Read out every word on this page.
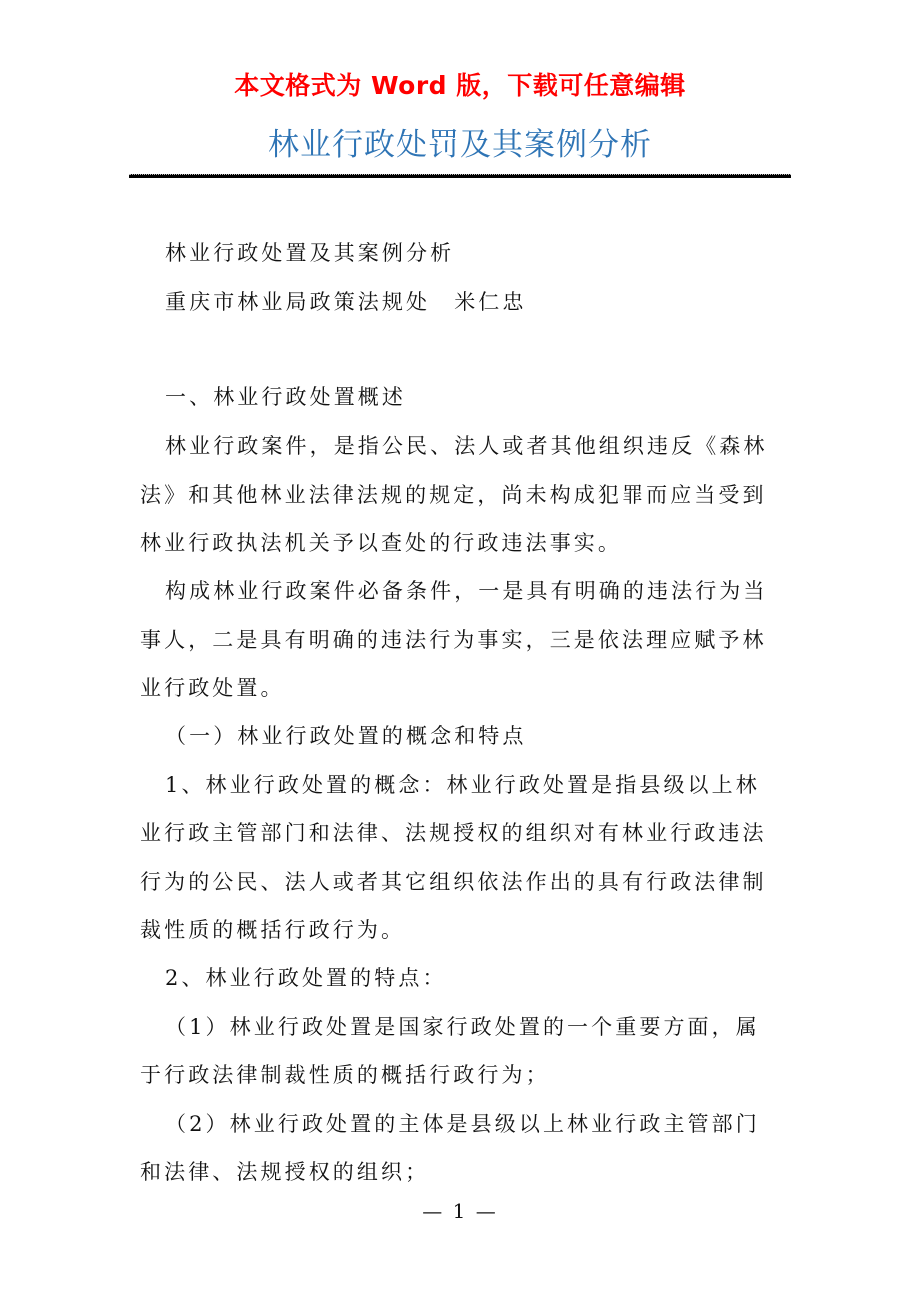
本文格式为 Word 版，下载可任意编辑
林业行政处罚及其案例分析
林业行政处置及其案例分析
重庆市林业局政策法规处　米仁忠
一、林业行政处置概述
林业行政案件，是指公民、法人或者其他组织违反《森林
法》和其他林业法律法规的规定，尚未构成犯罪而应当受到
林业行政执法机关予以查处的行政违法事实。
构成林业行政案件必备条件，一是具有明确的违法行为当
事人，二是具有明确的违法行为事实，三是依法理应赋予林
业行政处置。
（一）林业行政处置的概念和特点
1、林业行政处置的概念：林业行政处置是指县级以上林
业行政主管部门和法律、法规授权的组织对有林业行政违法
行为的公民、法人或者其它组织依法作出的具有行政法律制
裁性质的概括行政行为。
2、林业行政处置的特点：
（1）林业行政处置是国家行政处置的一个重要方面，属
于行政法律制裁性质的概括行政行为；
（2）林业行政处置的主体是县级以上林业行政主管部门
和法律、法规授权的组织；
— 1 —
